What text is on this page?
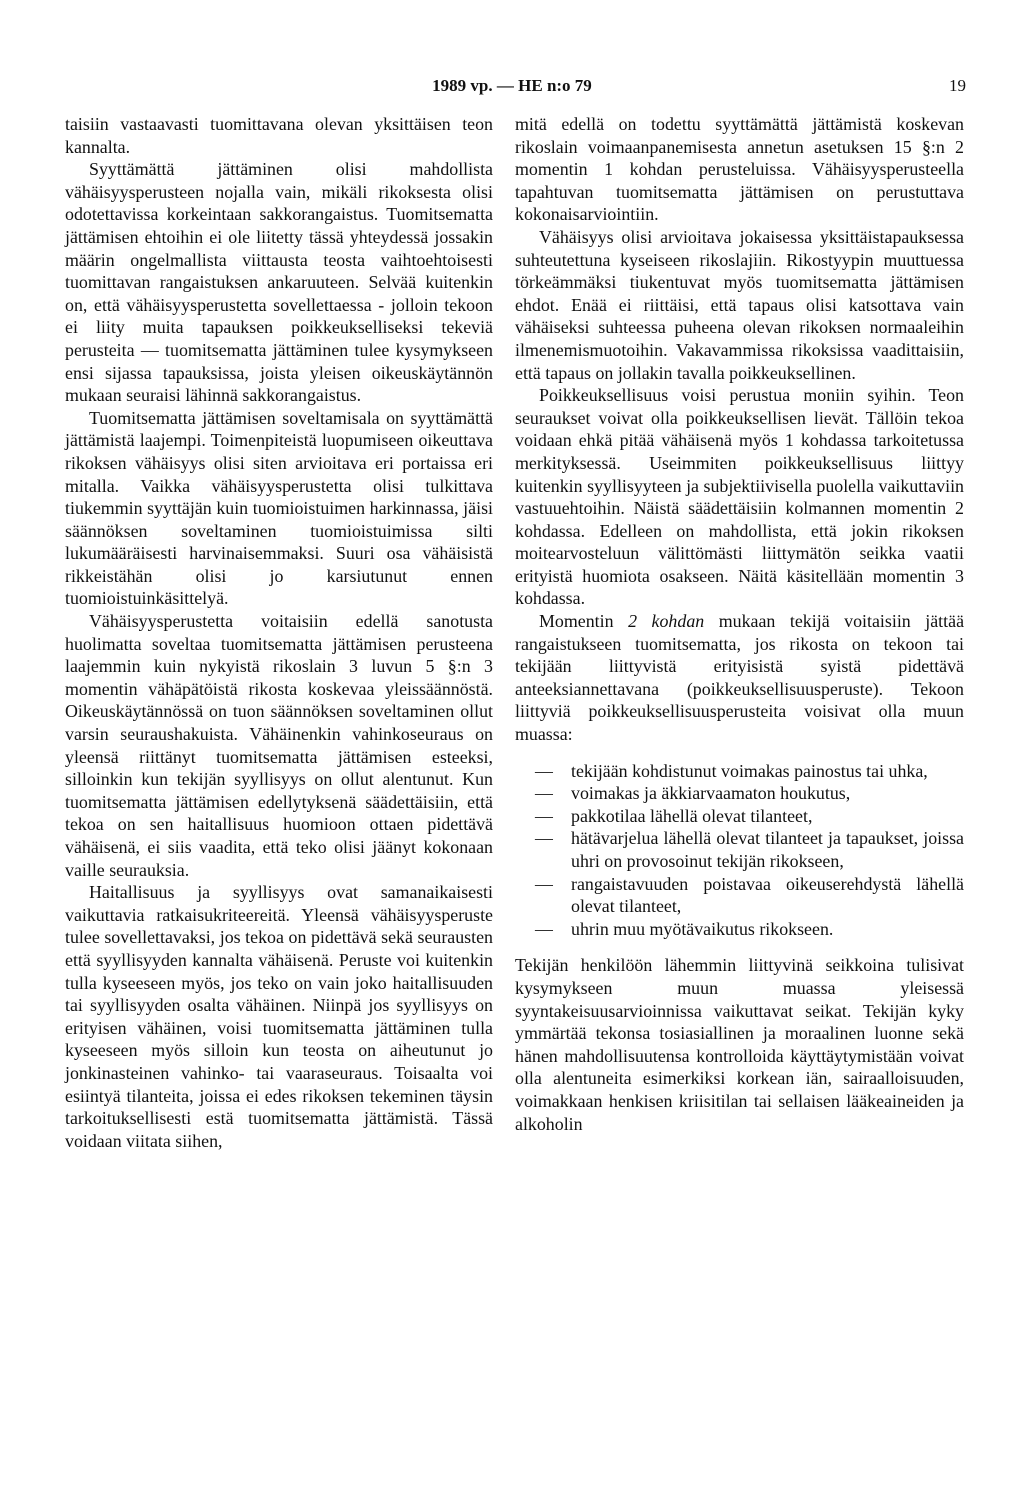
1989 vp. — HE n:o 79	19

taisiin vastaavasti tuomittavana olevan yksittäisen teon kannalta.

Syyttämättä jättäminen olisi mahdollista vähäisyysperusteen nojalla vain, mikäli rikoksesta olisi odotettavissa korkeintaan sakkorangaistus. Tuomitsematta jättämisen ehtoihin ei ole liitetty tässä yhteydessä jossakin määrin ongelmallista viittausta teosta vaihtoehtoisesti tuomittavan rangaistuksen ankaruuteen. Selvää kuitenkin on, että vähäisyysperustetta sovellettaessa - jolloin tekoon ei liity muita tapauksen poikkeukselliseksi tekeviä perusteita — tuomitsematta jättäminen tulee kysymykseen ensi sijassa tapauksissa, joista yleisen oikeuskäytännön mukaan seuraisi lähinnä sakkorangaistus.

Tuomitsematta jättämisen soveltamisala on syyttämättä jättämistä laajempi. Toimenpiteistä luopumiseen oikeuttava rikoksen vähäisyys olisi siten arvioitava eri portaissa eri mitalla. Vaikka vähäisyysperustetta olisi tulkittava tiukemmin syyttäjän kuin tuomioistuimen harkinnassa, jäisi säännöksen soveltaminen tuomioistuimissa silti lukumääräisesti harvinaisemmaksi. Suuri osa vähäisistä rikkeistähän olisi jo karsiutunut ennen tuomioistuinkäsittelyä.

Vähäisyysperustetta voitaisiin edellä sanotusta huolimatta soveltaa tuomitsematta jättämisen perusteena laajemmin kuin nykyistä rikoslain 3 luvun 5 §:n 3 momentin vähäpätöistä rikosta koskevaa yleissäännöstä. Oikeuskäytännössä on tuon säännöksen soveltaminen ollut varsin seuraushakuista. Vähäinenkin vahinkoseuraus on yleensä riittänyt tuomitsematta jättämisen esteeksi, silloinkin kun tekijän syyllisyys on ollut alentunut. Kun tuomitsematta jättämisen edellytyksenä säädettäisiin, että tekoa on sen haitallisuus huomioon ottaen pidettävä vähäisenä, ei siis vaadita, että teko olisi jäänyt kokonaan vaille seurauksia.

Haitallisuus ja syyllisyys ovat samanaikaisesti vaikuttavia ratkaisukriteereitä. Yleensä vähäisyysperuste tulee sovellettavaksi, jos tekoa on pidettävä sekä seurausten että syyllisyyden kannalta vähäisenä. Peruste voi kuitenkin tulla kyseeseen myös, jos teko on vain joko haitallisuuden tai syyllisyyden osalta vähäinen. Niinpä jos syyllisyys on erityisen vähäinen, voisi tuomitsematta jättäminen tulla kyseeseen myös silloin kun teosta on aiheutunut jo jonkinasteinen vahinko- tai vaaraseuraus. Toisaalta voi esiintyä tilanteita, joissa ei edes rikoksen tekeminen täysin tarkoituksellisesti estä tuomitsematta jättämistä. Tässä voidaan viitata siihen,

mitä edellä on todettu syyttämättä jättämistä koskevan rikoslain voimaanpanemisesta annetun asetuksen 15 §:n 2 momentin 1 kohdan perusteluissa. Vähäisyysperusteella tapahtuvan tuomitsematta jättämisen on perustuttava kokonaisarviointiin.

Vähäisyys olisi arvioitava jokaisessa yksittäistapauksessa suhteutettuna kyseiseen rikoslajiin. Rikostyypin muuttuessa törkeämmäksi tiukentuvat myös tuomitsematta jättämisen ehdot. Enää ei riittäisi, että tapaus olisi katsottava vain vähäiseksi suhteessa puheena olevan rikoksen normaaleihin ilmenemismuotoihin. Vakavammissa rikoksissa vaadittaisiin, että tapaus on jollakin tavalla poikkeuksellinen.

Poikkeuksellisuus voisi perustua moniin syihin. Teon seuraukset voivat olla poikkeuksellisen lievät. Tällöin tekoa voidaan ehkä pitää vähäisenä myös 1 kohdassa tarkoitetussa merkityksessä. Useimmiten poikkeuksellisuus liittyy kuitenkin syyllisyyteen ja subjektiivisella puolella vaikuttaviin vastuuehtoihin. Näistä säädettäisiin kolmannen momentin 2 kohdassa. Edelleen on mahdollista, että jokin rikoksen moitearvosteluun välittömästi liittymätön seikka vaatii erityistä huomiota osakseen. Näitä käsitellään momentin 3 kohdassa.

Momentin 2 kohdan mukaan tekijä voitaisiin jättää rangaistukseen tuomitsematta, jos rikosta on tekoon tai tekijään liittyvistä erityisistä syistä pidettävä anteeksiannettavana (poikkeuksellisuusperuste). Tekoon liittyviä poikkeuksellisuusperusteita voisivat olla muun muassa:

— tekijään kohdistunut voimakas painostus tai uhka,
— voimakas ja äkkiarvaamaton houkutus,
— pakkotilaa lähellä olevat tilanteet,
— hätävarjelua lähellä olevat tilanteet ja tapaukset, joissa uhri on provosoinut tekijän rikokseen,
— rangaistavuuden poistavaa oikeuserehdystä lähellä olevat tilanteet,
— uhrin muu myötävaikutus rikokseen.

Tekijän henkilöön lähemmin liittyvinä seikkoina tulisivat kysymykseen muun muassa yleisessä syyntakeisuusarvioinnissa vaikuttavat seikat. Tekijän kyky ymmärtää tekonsa tosiasiallinen ja moraalinen luonne sekä hänen mahdollisuutensa kontrolloida käyttäytymistään voivat olla alentuneita esimerkiksi korkean iän, sairaalloisuuden, voimakkaan henkisen kriisitilan tai sellaisen lääkeaineiden ja alkoholin
